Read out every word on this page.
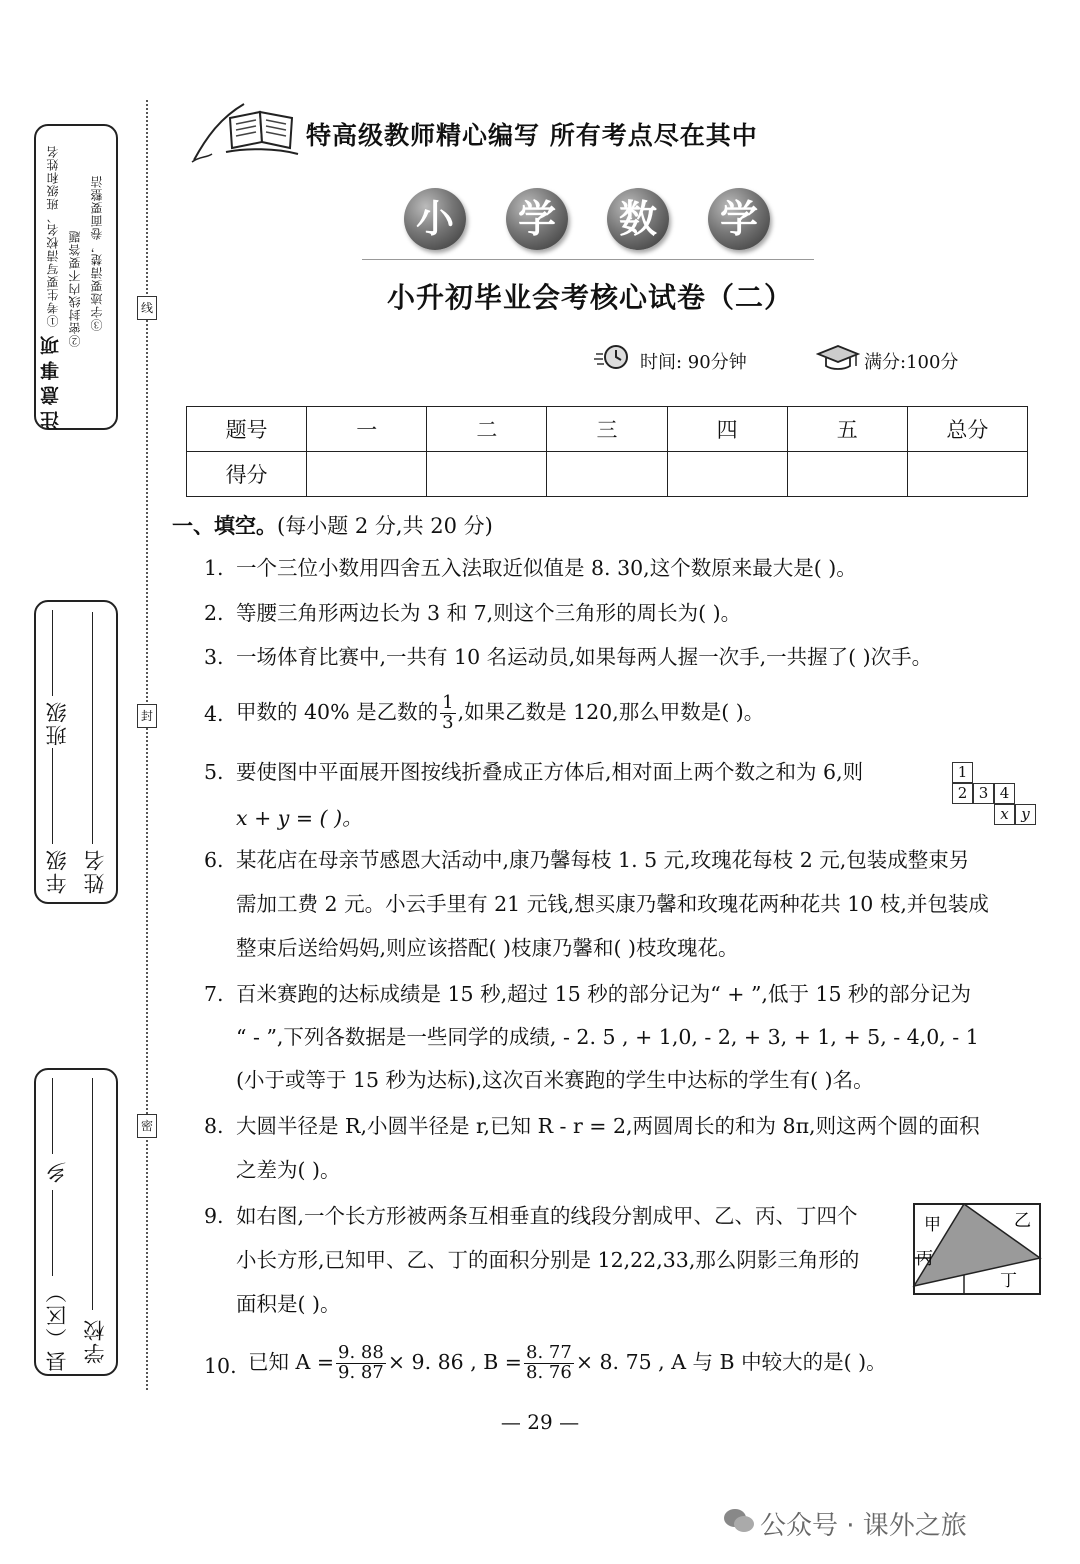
注意事项
①考生要写清校名、班级和姓名 ②密封线内不要答题 ③字迹要清楚，卷面要整洁
年级
班级
姓名
县（区）
乡
学校
线
封
密
特高级教师精心编写 所有考点尽在其中
小	学	数	学
小升初毕业会考核心试卷（二）
时间: 90分钟	满分:100分
题号	一	二	三	四	五	总分
得分						
一、填空。(每小题 2 分,共 20 分)
1. 一个三位小数用四舍五入法取近似值是 8. 30,这个数原来最大是( )。
2. 等腰三角形两边长为 3 和 7,则这个三角形的周长为( )。
3. 一场体育比赛中,一共有 10 名运动员,如果每两人握一次手,一共握了( )次手。
4. 甲数的 40% 是乙数的 $\frac{1}{3}$ ,如果乙数是 120,那么甲数是( )。
5. 要使图中平面展开图按线折叠成正方体后,相对面上两个数之和为 6,则
x + y = ( )。
1
2 3 4
x y
6. 某花店在母亲节感恩大活动中,康乃馨每枝 1. 5 元,玫瑰花每枝 2 元,包装成整束另
需加工费 2 元。小云手里有 21 元钱,想买康乃馨和玫瑰花两种花共 10 枝,并包装成
整束后送给妈妈,则应该搭配( )枝康乃馨和( )枝玫瑰花。
7. 百米赛跑的达标成绩是 15 秒,超过 15 秒的部分记为“ + ”,低于 15 秒的部分记为
“ - ”,下列各数据是一些同学的成绩, - 2. 5 , + 1,0, - 2, + 3, + 1, + 5, - 4,0, - 1
(小于或等于 15 秒为达标),这次百米赛跑的学生中达标的学生有( )名。
8. 大圆半径是 R,小圆半径是 r,已知 R - r = 2,两圆周长的和为 8π,则这两个圆的面积
之差为( )。
9. 如右图,一个长方形被两条互相垂直的线段分割成甲、乙、丙、丁四个
小长方形,已知甲、乙、丁的面积分别是 12,22,33,那么阴影三角形的
面积是( )。
甲	乙
丙
丁
10. 已知 $A = \frac{9. 88}{9. 87} \times 9$. 86 , $B = \frac{8. 77}{8. 76} \times 8$. 75 , A 与 B 中较大的是( )。
— 29 —
公众号 · 课外之旅
